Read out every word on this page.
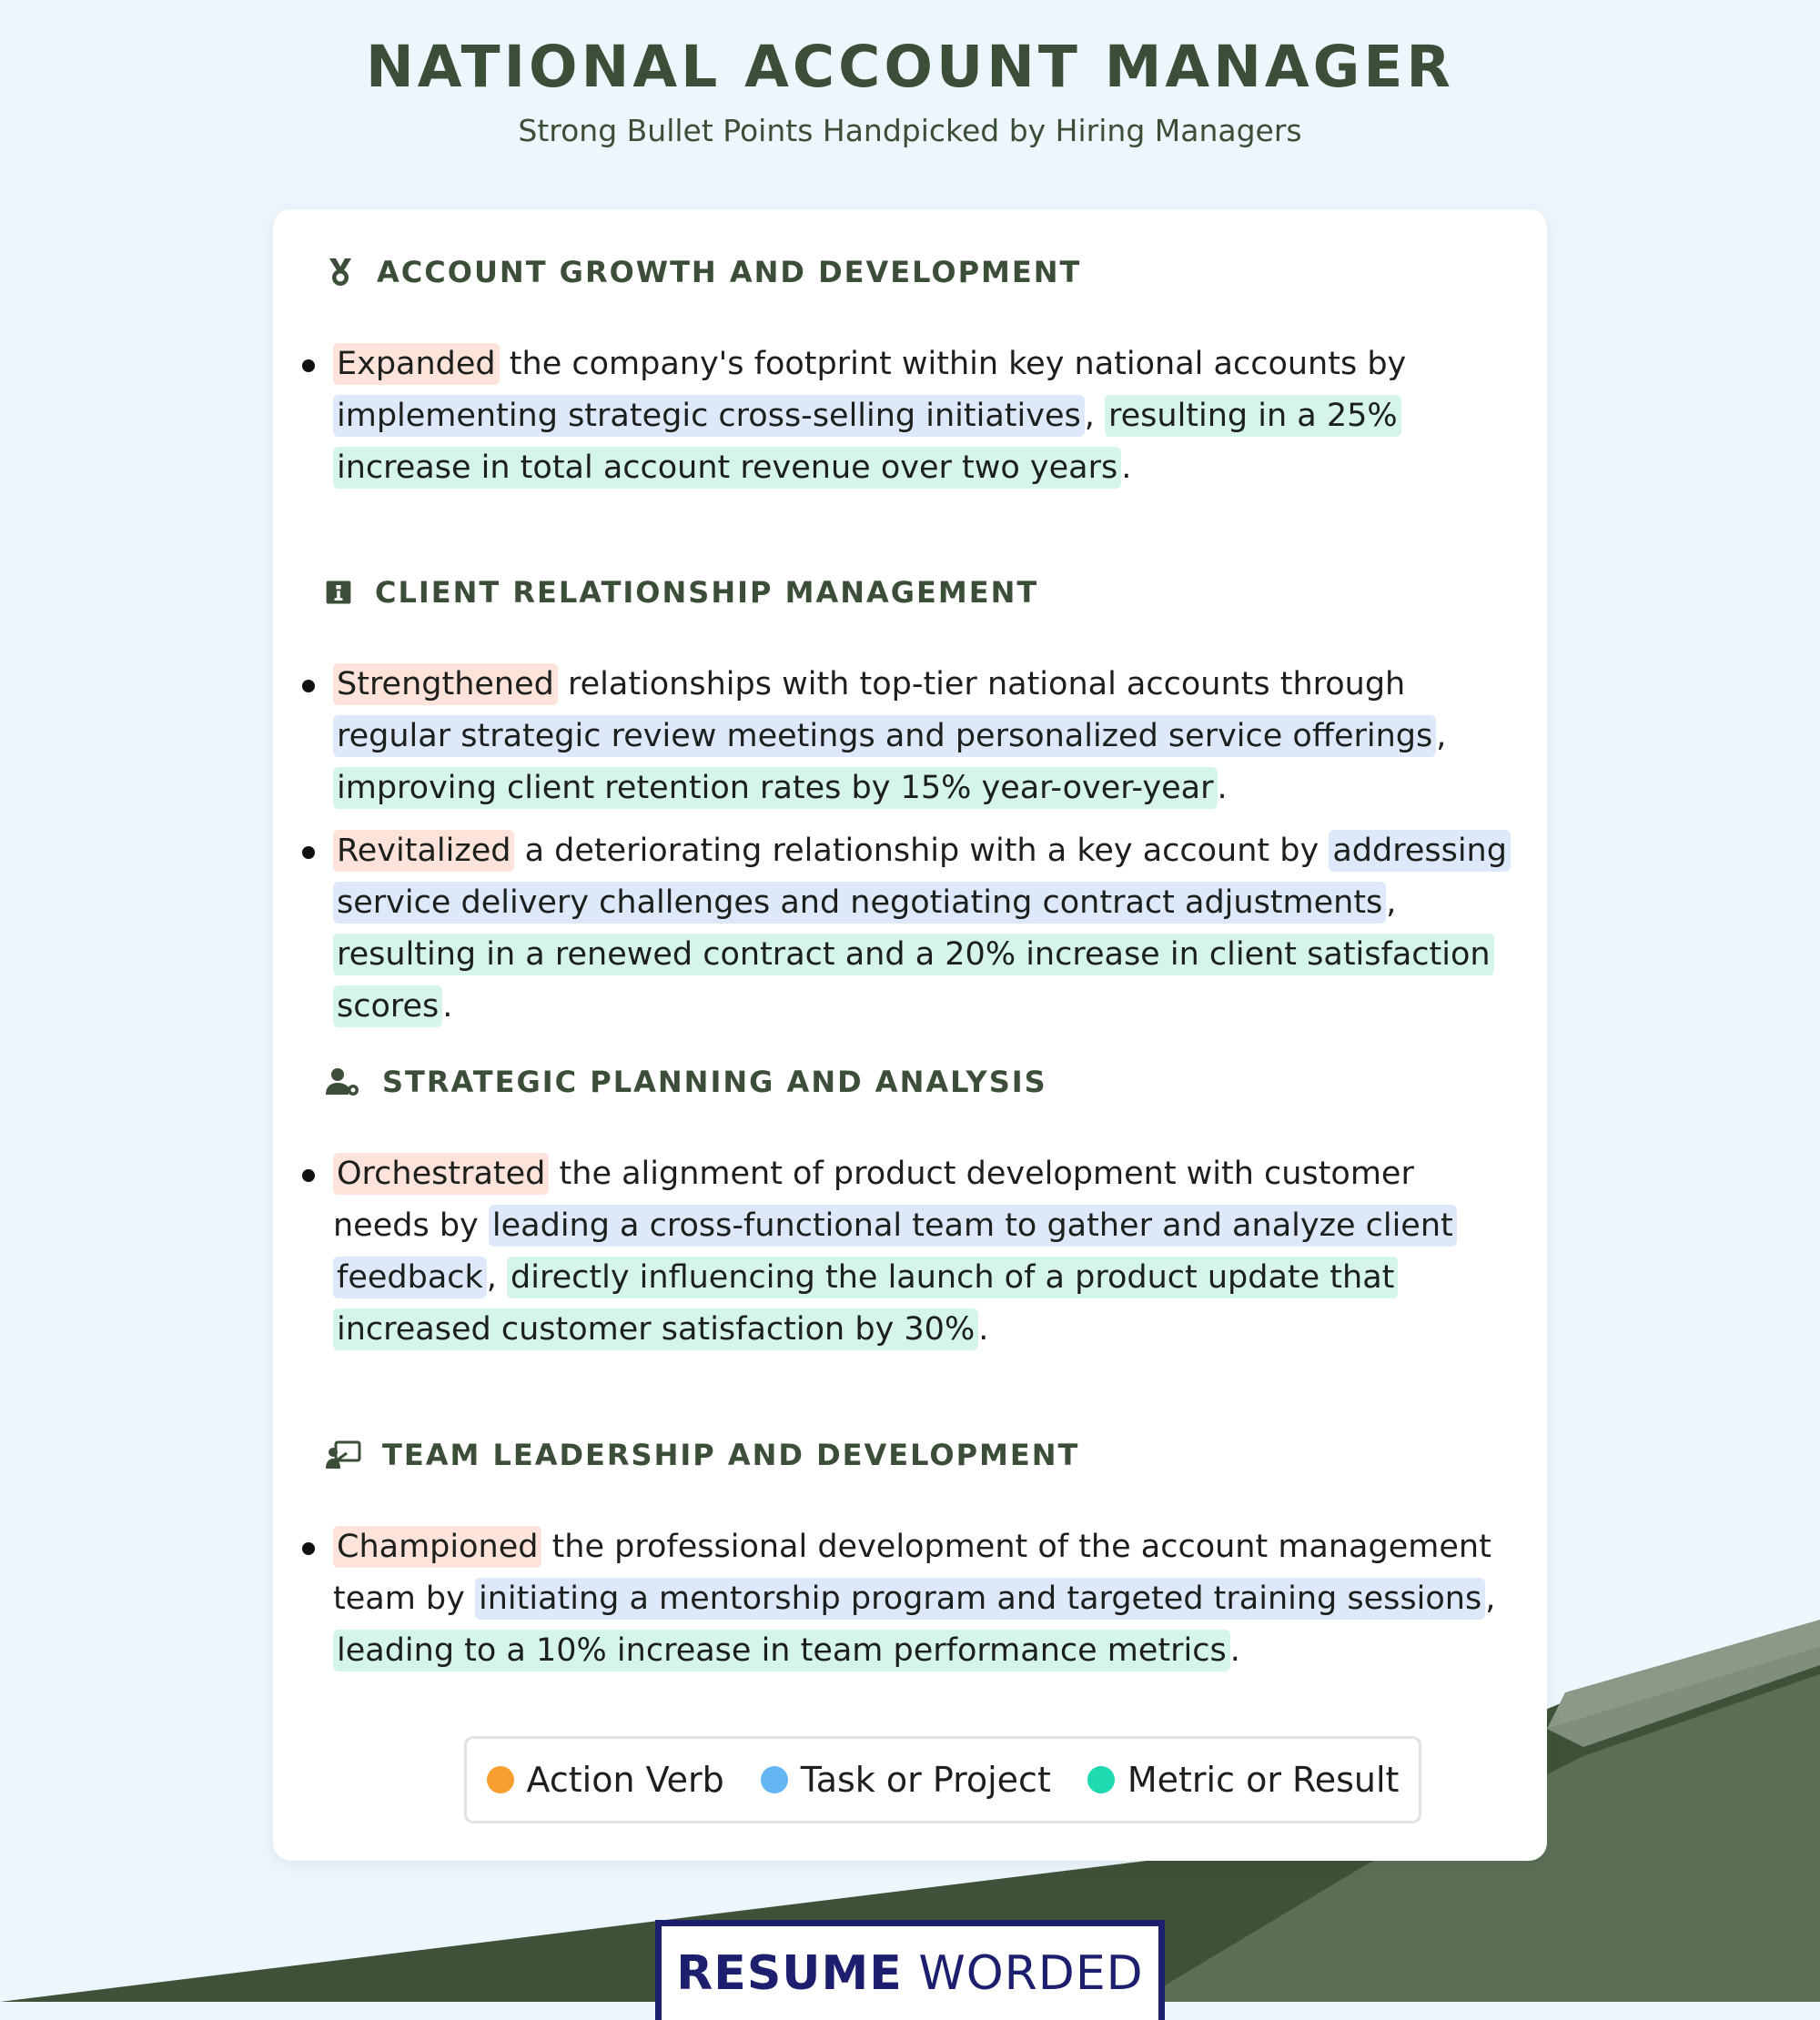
NATIONAL ACCOUNT MANAGER
Strong Bullet Points Handpicked by Hiring Managers
ACCOUNT GROWTH AND DEVELOPMENT
Expanded the company's footprint within key national accounts by implementing strategic cross-selling initiatives , resulting in a 25% increase in total account revenue over two years .
CLIENT RELATIONSHIP MANAGEMENT
Strengthened relationships with top-tier national accounts through regular strategic review meetings and personalized service offerings , improving client retention rates by 15% year-over-year .
Revitalized a deteriorating relationship with a key account by addressing service delivery challenges and negotiating contract adjustments , resulting in a renewed contract and a 20% increase in client satisfaction scores .
STRATEGIC PLANNING AND ANALYSIS
Orchestrated the alignment of product development with customer needs by leading a cross-functional team to gather and analyze client feedback , directly influencing the launch of a product update that increased customer satisfaction by 30% .
TEAM LEADERSHIP AND DEVELOPMENT
Championed the professional development of the account management team by initiating a mentorship program and targeted training sessions , leading to a 10% increase in team performance metrics .
Action Verb Task or Project Metric or Result
RESUME WORDED
